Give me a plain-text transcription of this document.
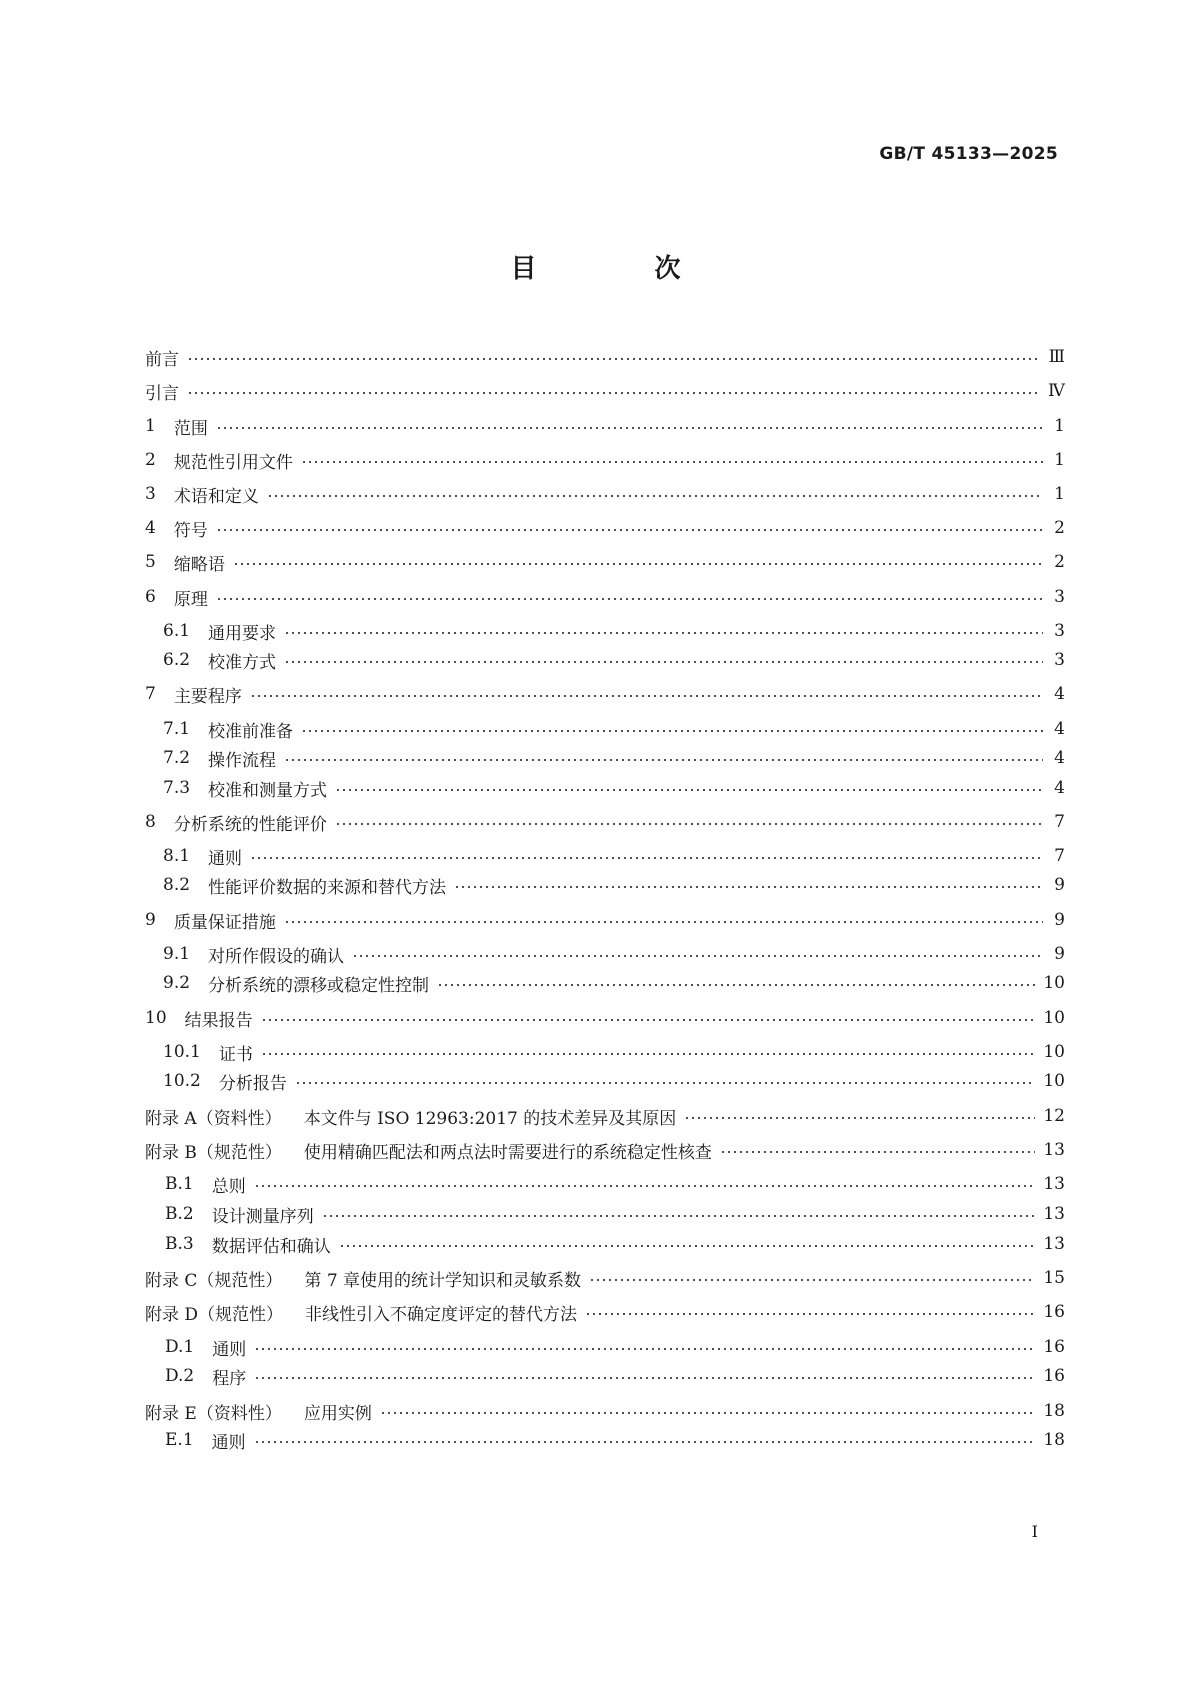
GB/T 45133—2025
目　次
前言	Ⅲ
引言	Ⅳ
1 范围	1
2 规范性引用文件	1
3 术语和定义	1
4 符号	2
5 缩略语	2
6 原理	3
6.1 通用要求	3
6.2 校准方式	3
7 主要程序	4
7.1 校准前准备	4
7.2 操作流程	4
7.3 校准和测量方式	4
8 分析系统的性能评价	7
8.1 通则	7
8.2 性能评价数据的来源和替代方法	9
9 质量保证措施	9
9.1 对所作假设的确认	9
9.2 分析系统的漂移或稳定性控制	10
10 结果报告	10
10.1 证书	10
10.2 分析报告	10
附录 A（资料性） 本文件与 ISO 12963:2017 的技术差异及其原因	12
附录 B（规范性） 使用精确匹配法和两点法时需要进行的系统稳定性核查	13
B.1 总则	13
B.2 设计测量序列	13
B.3 数据评估和确认	13
附录 C（规范性） 第 7 章使用的统计学知识和灵敏系数	15
附录 D（规范性） 非线性引入不确定度评定的替代方法	16
D.1 通则	16
D.2 程序	16
附录 E（资料性） 应用实例	18
E.1 通则	18
I
